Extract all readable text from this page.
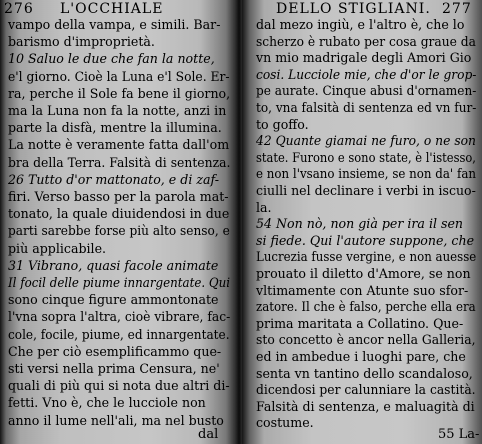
276 L'OCCHIALE
vampo della vampa, e simili. Bar-
barismo d'improprietà.
10 Saluo le due che fan la notte,
e'l giorno. Cioè la Luna e'l Sole. Er-
ra, perche il Sole fa bene il giorno,
ma la Luna non fa la notte, anzi in
parte la disfà, mentre la illumina.
La notte è veramente fatta dall'om
bra della Terra. Falsità di sentenza.
26 Tutto d'or mattonato, e di zaf-
firi. Verso basso per la parola mat-
tonato, la quale diuidendosi in due
parti sarebbe forse più alto senso, e
più applicabile.
31 Vibrano, quasi facole animate
Il focil delle piume innargentate. Qui
sono cinque figure ammontonate
l'vna sopra l'altra, cioè vibrare, fac-
cole, focile, piume, ed innargentate.
Che per ciò esemplificammo que-
sti versi nella prima Censura, ne'
quali di più qui si nota due altri di-
fetti. Vno è, che le lucciole non
anno il lume nell'ali, ma nel busto
dal
DELLO STIGLIANI. 277
dal mezo ingiù, e l'altro è, che lo
scherzo è rubato per cosa graue da
vn mio madrigale degli Amori Gio
cosi. Lucciole mie, che d'or le grop-
pe aurate. Cinque abusi d'ornamen-
to, vna falsità di sentenza ed vn fur-
to goffo.
42 Quante giamai ne furo, o ne son
state. Furono e sono state, è l'istesso,
e non l'vsano insieme, se non da' fan
ciulli nel declinare i verbi in iscuo-
la.
54 Non nò, non già per ira il sen
si fiede. Qui l'autore suppone, che
Lucrezia fusse vergine, e non auesse
prouato il diletto d'Amore, se non
vltimamente con Atunte suo sfor-
zatore. Il che è falso, perche ella era
prima maritata a Collatino. Que-
sto concetto è ancor nella Galleria,
ed in ambedue i luoghi pare, che
senta vn tantino dello scandaloso,
dicendosi per calunniare la castità.
Falsità di sentenza, e maluagità di
costume.
55 La-
